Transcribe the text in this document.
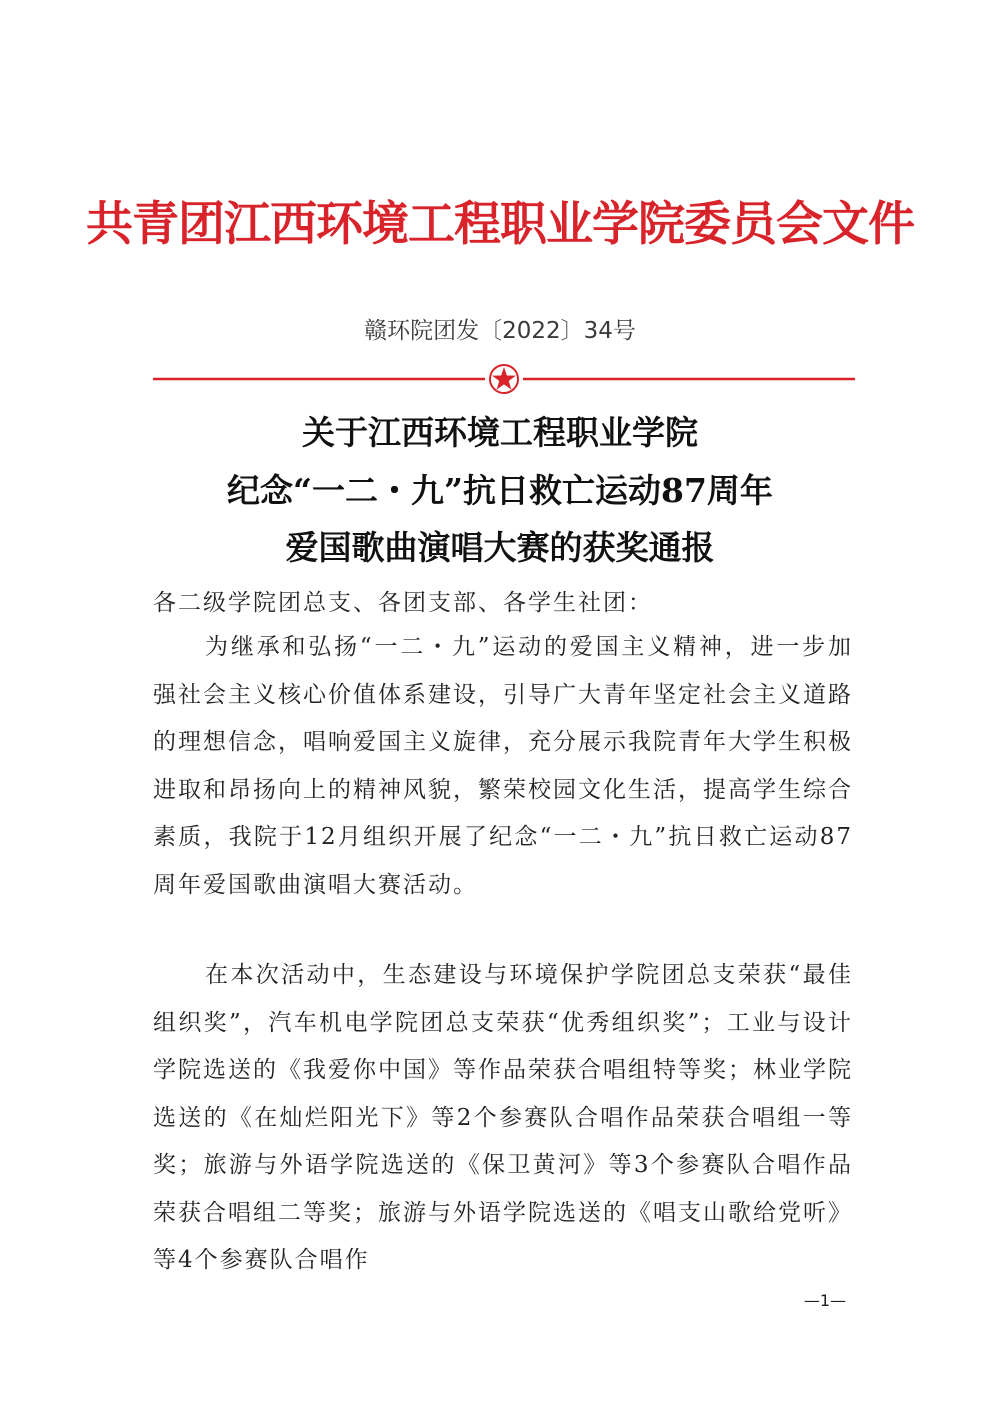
共青团江西环境工程职业学院委员会文件
赣环院团发〔2022〕34号
关于江西环境工程职业学院
纪念“一二・九”抗日救亡运动87周年
爱国歌曲演唱大赛的获奖通报
各二级学院团总支、各团支部、各学生社团：

为继承和弘扬“一二・九”运动的爱国主义精神，进一步加强社会主义核心价值体系建设，引导广大青年坚定社会主义道路的理想信念，唱响爱国主义旋律，充分展示我院青年大学生积极进取和昂扬向上的精神风貌，繁荣校园文化生活，提高学生综合素质，我院于12月组织开展了纪念“一二・九”抗日救亡运动87周年爱国歌曲演唱大赛活动。

在本次活动中，生态建设与环境保护学院团总支荣获“最佳组织奖”，汽车机电学院团总支荣获“优秀组织奖”；工业与设计学院选送的《我爱你中国》等作品荣获合唱组特等奖；林业学院选送的《在灿烂阳光下》等2个参赛队合唱作品荣获合唱组一等奖；旅游与外语学院选送的《保卫黄河》等3个参赛队合唱作品荣获合唱组二等奖；旅游与外语学院选送的《唱支山歌给党听》等4个参赛队合唱作

—1—
